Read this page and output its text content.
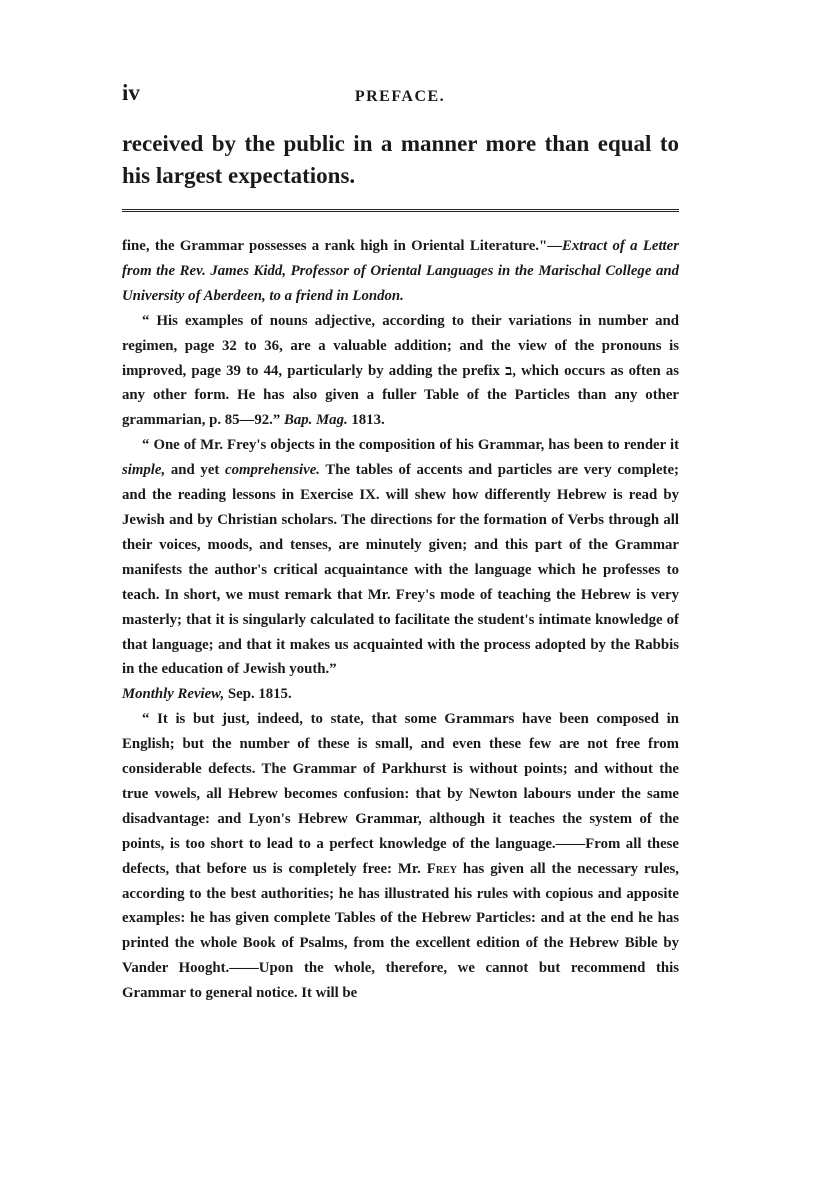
iv	PREFACE.

received by the public in a manner more than equal to his largest expectations.

fine, the Grammar possesses a rank high in Oriental Literature."—Extract of a Letter from the Rev. James Kidd, Professor of Oriental Languages in the Marischal College and University of Aberdeen, to a friend in London.

“ His examples of nouns adjective, according to their variations in number and regimen, page 32 to 36, are a valuable addition; and the view of the pronouns is improved, page 39 to 44, particularly by adding the prefix ב, which occurs as often as any other form. He has also given a fuller Table of the Particles than any other grammarian, p. 85—92.” Bap. Mag. 1813.

“ One of Mr. Frey's objects in the composition of his Grammar, has been to render it simple, and yet comprehensive. The tables of accents and particles are very complete; and the reading lessons in Exercise IX. will shew how differently Hebrew is read by Jewish and by Christian scholars. The directions for the formation of Verbs through all their voices, moods, and tenses, are minutely given; and this part of the Grammar manifests the author's critical acquaintance with the language which he professes to teach. In short, we must remark that Mr. Frey's mode of teaching the Hebrew is very masterly; that it is singularly calculated to facilitate the student's intimate knowledge of that language; and that it makes us acquainted with the process adopted by the Rabbis in the education of Jewish youth.”

Monthly Review, Sep. 1815.

“ It is but just, indeed, to state, that some Grammars have been composed in English; but the number of these is small, and even these few are not free from considerable defects. The Grammar of Parkhurst is without points; and without the true vowels, all Hebrew becomes confusion: that by Newton labours under the same disadvantage: and Lyon's Hebrew Grammar, although it teaches the system of the points, is too short to lead to a perfect knowledge of the language.——From all these defects, that before us is completely free: Mr. Frey has given all the necessary rules, according to the best authorities; he has illustrated his rules with copious and apposite examples: he has given complete Tables of the Hebrew Particles: and at the end he has printed the whole Book of Psalms, from the excellent edition of the Hebrew Bible by Vander Hooght.——Upon the whole, therefore, we cannot but recommend this Grammar to general notice. It will be
